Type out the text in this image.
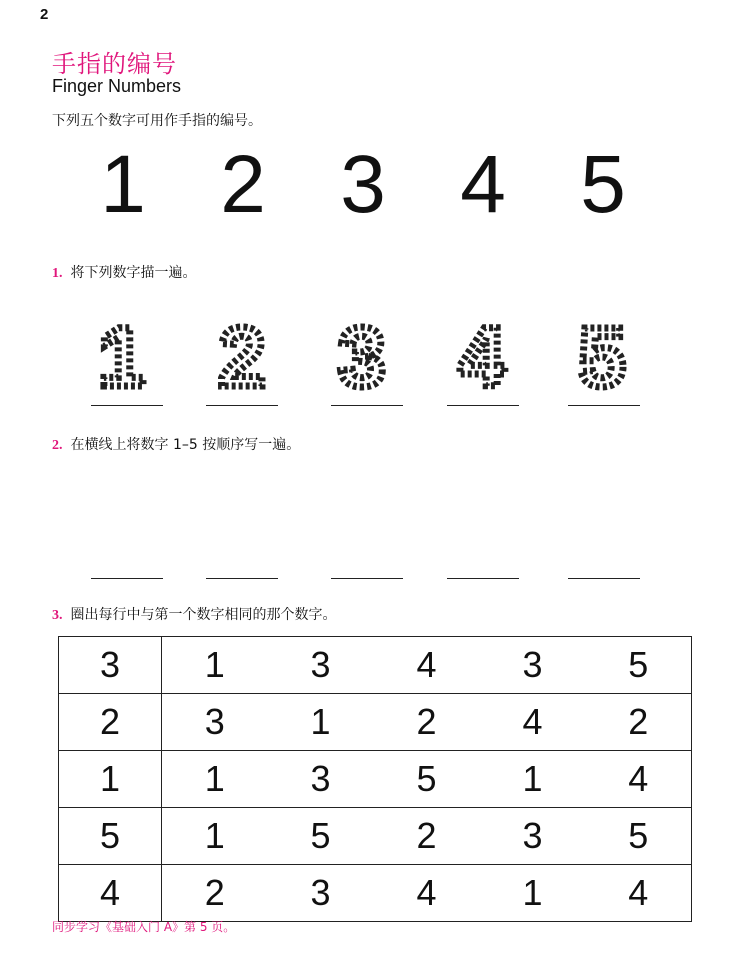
2
手指的编号
Finger Numbers
下列五个数字可用作手指的编号。
1 2 3 4 5
1. 将下列数字描一遍。
1 2 3 4 5
2. 在横线上将数字 1–5 按顺序写一遍。
3. 圈出每行中与第一个数字相同的那个数字。
3	1	3	4	3	5
2	3	1	2	4	2
1	1	3	5	1	4
5	1	5	2	3	5
4	2	3	4	1	4
同步学习《基础入门 A》第 5 页。
